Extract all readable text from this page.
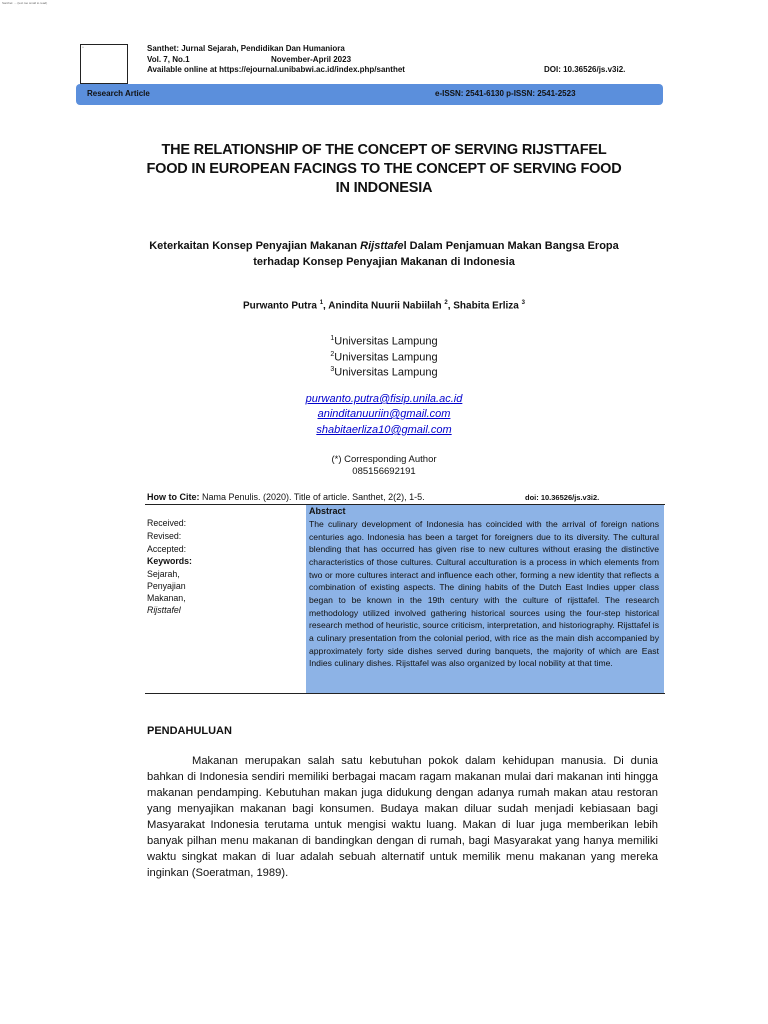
Santhet: ... (text too small to read)
▫	Santhet: Jurnal Sejarah, Pendidikan Dan Humaniora
Vol. 7, No.1	November-April 2023
Available online at https://ejournal.unibabwi.ac.id/index.php/santhet	DOI: 10.36526/js.v3i2.
Research Article	e-ISSN: 2541-6130 p-ISSN: 2541-2523
THE RELATIONSHIP OF THE CONCEPT OF SERVING RIJSTTAFEL
FOOD IN EUROPEAN FACINGS TO THE CONCEPT OF SERVING FOOD
IN INDONESIA
Keterkaitan Konsep Penyajian Makanan Rijsttafel Dalam Penjamuan Makan Bangsa Eropa
terhadap Konsep Penyajian Makanan di Indonesia
Purwanto Putra $^1$, Anindita Nuurii Nabiilah $^2$, Shabita Erliza $^3$
$^1$Universitas Lampung
$^2$Universitas Lampung
$^3$Universitas Lampung
purwanto.putra@fisip.unila.ac.id
aninditanuuriin@gmail.com
shabitaerliza10@gmail.com
(*) Corresponding Author
085156692191
How to Cite: Nama Penulis. (2020). Title of article. Santhet, 2(2), 1-5.	doi: 10.36526/js.v3i2.
Abstract
The culinary development of Indonesia has coincided with the arrival of foreign nations centuries ago. Indonesia has been a target for foreigners due to its diversity. The cultural blending that has occurred has given rise to new cultures without erasing the distinctive characteristics of those cultures. Cultural acculturation is a process in which elements from two or more cultures interact and influence each other, forming a new identity that reflects a combination of existing aspects. The dining habits of the Dutch East Indies upper class began to be known in the 19th century with the culture of rijsttafel. The research methodology utilized involved gathering historical sources using the four-step historical research method of heuristic, source criticism, interpretation, and historiography. Rijsttafel is a culinary presentation from the colonial period, with rice as the main dish accompanied by approximately forty side dishes served during banquets, the majority of which are East Indies culinary dishes. Rijsttafel was also organized by local nobility at that time.
Received:
Revised:
Accepted:
Keywords:
Sejarah,
Penyajian
Makanan,
Rijsttafel
PENDAHULUAN
Makanan merupakan salah satu kebutuhan pokok dalam kehidupan manusia. Di dunia bahkan di Indonesia sendiri memiliki berbagai macam ragam makanan mulai dari makanan inti hingga makanan pendamping. Kebutuhan makan juga didukung dengan adanya rumah makan atau restoran yang menyajikan makanan bagi konsumen. Budaya makan diluar sudah menjadi kebiasaan bagi Masyarakat Indonesia terutama untuk mengisi waktu luang. Makan di luar juga memberikan lebih banyak pilhan menu makanan di bandingkan dengan di rumah, bagi Masyarakat yang hanya memiliki waktu singkat makan di luar adalah sebuah alternatif untuk memilik menu makanan yang mereka inginkan (Soeratman, 1989).
